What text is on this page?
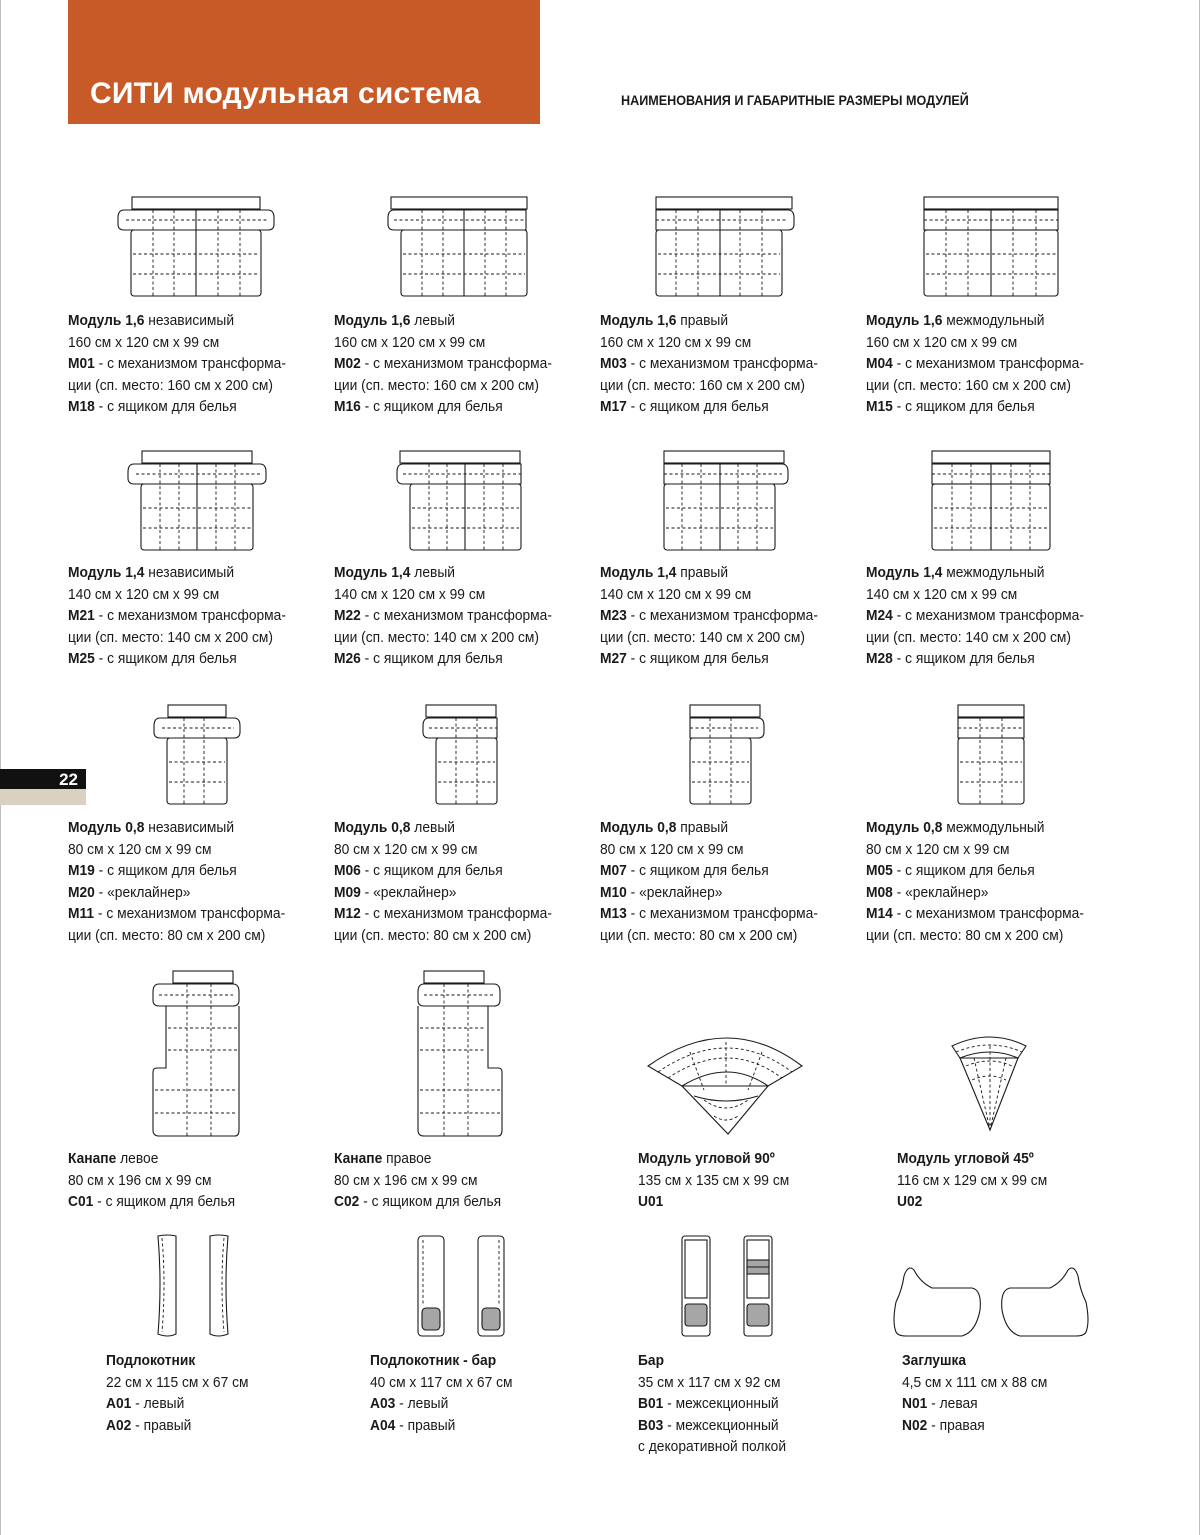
СИТИ модульная система	НАИМЕНОВАНИЯ И ГАБАРИТНЫЕ РАЗМЕРЫ МОДУЛЕЙ

22
Модуль 1,6 независимый
160 см х 120 см х 99 см
M01 - с механизмом трансформа-
ции (сп. место: 160 см х 200 см)
M18 - с ящиком для белья
Модуль 1,6 левый
160 см х 120 см х 99 см
M02 - с механизмом трансформа-
ции (сп. место: 160 см х 200 см)
M16 - с ящиком для белья
Модуль 1,6 правый
160 см х 120 см х 99 см
M03 - с механизмом трансформа-
ции (сп. место: 160 см х 200 см)
M17 - с ящиком для белья
Модуль 1,6 межмодульный
160 см х 120 см х 99 см
M04 - с механизмом трансформа-
ции (сп. место: 160 см х 200 см)
M15 - с ящиком для белья
Модуль 1,4 независимый
140 см х 120 см х 99 см
M21 - с механизмом трансформа-
ции (сп. место: 140 см х 200 см)
M25 - с ящиком для белья
Модуль 1,4 левый
140 см х 120 см х 99 см
M22 - с механизмом трансформа-
ции (сп. место: 140 см х 200 см)
M26 - с ящиком для белья
Модуль 1,4 правый
140 см х 120 см х 99 см
M23 - с механизмом трансформа-
ции (сп. место: 140 см х 200 см)
M27 - с ящиком для белья
Модуль 1,4 межмодульный
140 см х 120 см х 99 см
M24 - с механизмом трансформа-
ции (сп. место: 140 см х 200 см)
M28 - с ящиком для белья
Модуль 0,8 независимый
80 см х 120 см х 99 см
M19 - с ящиком для белья
M20 - «реклайнер»
M11 - с механизмом трансформа-
ции (сп. место: 80 см х 200 см)
Модуль 0,8 левый
80 см х 120 см х 99 см
M06 - с ящиком для белья
M09 - «реклайнер»
M12 - с механизмом трансформа-
ции (сп. место: 80 см х 200 см)
Модуль 0,8 правый
80 см х 120 см х 99 см
M07 - с ящиком для белья
M10 - «реклайнер»
M13 - с механизмом трансформа-
ции (сп. место: 80 см х 200 см)
Модуль 0,8 межмодульный
80 см х 120 см х 99 см
M05 - с ящиком для белья
M08 - «реклайнер»
M14 - с механизмом трансформа-
ции (сп. место: 80 см х 200 см)
Канапе левое
80 см х 196 см х 99 см
C01 - с ящиком для белья
Канапе правое
80 см х 196 см х 99 см
C02 - с ящиком для белья
Модуль угловой 90º
135 см х 135 см х 99 см
U01
Модуль угловой 45º
116 см х 129 см х 99 см
U02
Подлокотник
22 см х 115 см х 67 см
A01 - левый
A02 - правый
Подлокотник - бар
40 см х 117 см х 67 см
A03 - левый
A04 - правый
Бар
35 см х 117 см х 92 см
B01 - межсекционный
B03 - межсекционный
с декоративной полкой
Заглушка
4,5 см х 111 см х 88 см
N01 - левая
N02 - правая
